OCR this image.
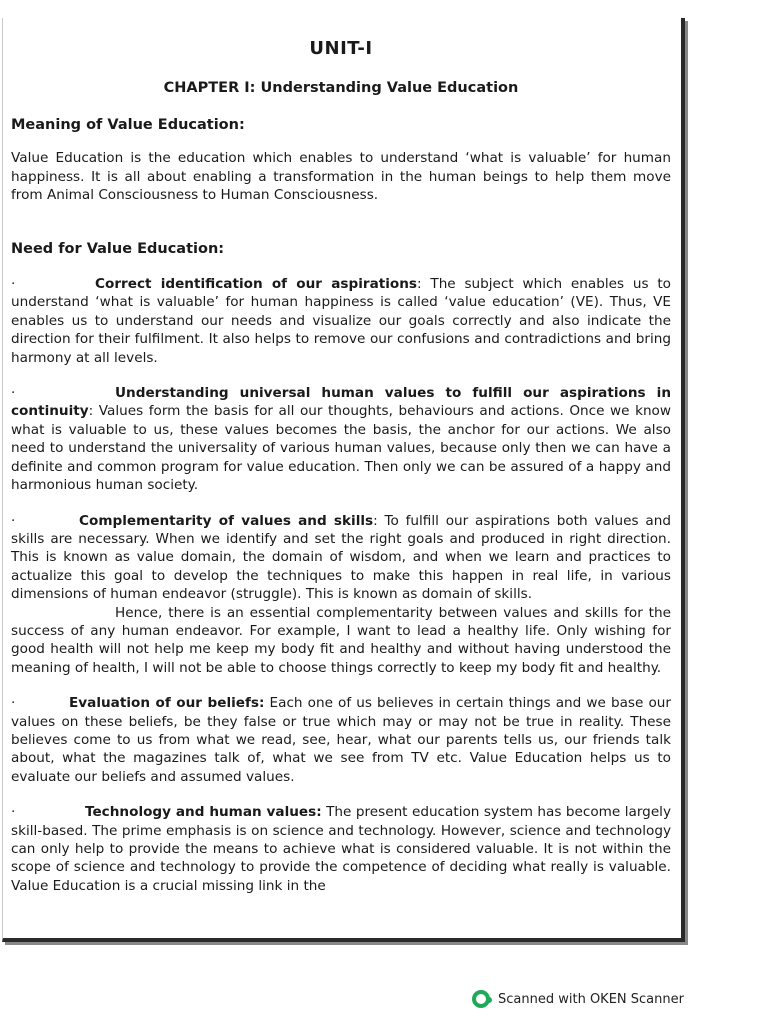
UNIT-I
CHAPTER I: Understanding Value Education
Meaning of Value Education:

Value Education is the education which enables to understand ‘what is valuable’ for human happiness. It is all about enabling a transformation in the human beings to help them move from Animal Consciousness to Human Consciousness.

Need for Value Education:

·	Correct identification of our aspirations: The subject which enables us to understand ‘what is valuable’ for human happiness is called ‘value education’ (VE). Thus, VE enables us to understand our needs and visualize our goals correctly and also indicate the direction for their fulfilment. It also helps to remove our confusions and contradictions and bring harmony at all levels.

·	Understanding universal human values to fulfill our aspirations in continuity: Values form the basis for all our thoughts, behaviours and actions. Once we know what is valuable to us, these values becomes the basis, the anchor for our actions. We also need to understand the universality of various human values, because only then we can have a definite and common program for value education. Then only we can be assured of a happy and harmonious human society.

·	Complementarity of values and skills: To fulfill our aspirations both values and skills are necessary. When we identify and set the right goals and produced in right direction. This is known as value domain, the domain of wisdom, and when we learn and practices to actualize this goal to develop the techniques to make this happen in real life, in various dimensions of human endeavor (struggle). This is known as domain of skills.

Hence, there is an essential complementarity between values and skills for the success of any human endeavor. For example, I want to lead a healthy life. Only wishing for good health will not help me keep my body fit and healthy and without having understood the meaning of health, I will not be able to choose things correctly to keep my body fit and healthy.

·	Evaluation of our beliefs: Each one of us believes in certain things and we base our values on these beliefs, be they false or true which may or may not be true in reality. These believes come to us from what we read, see, hear, what our parents tells us, our friends talk about, what the magazines talk of, what we see from TV etc. Value Education helps us to evaluate our beliefs and assumed values.

·	Technology and human values: The present education system has become largely skill-based. The prime emphasis is on science and technology. However, science and technology can only help to provide the means to achieve what is considered valuable. It is not within the scope of science and technology to provide the competence of deciding what really is valuable. Value Education is a crucial missing link in the

Scanned with OKEN Scanner
